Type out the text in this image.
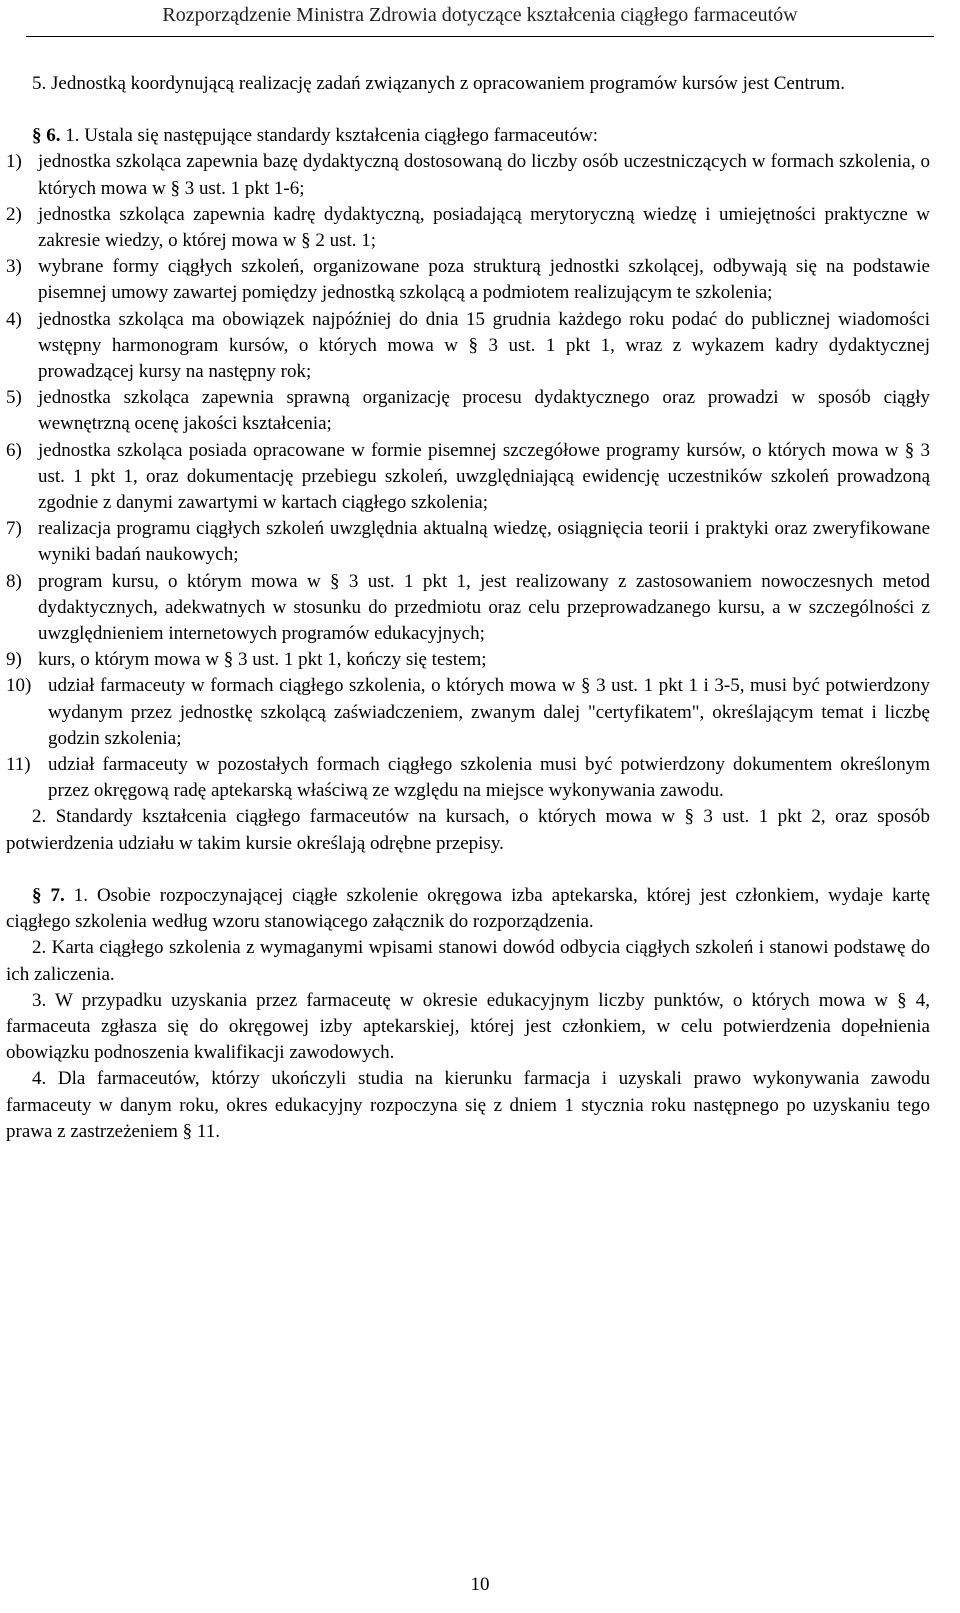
Rozporządzenie Ministra Zdrowia dotyczące kształcenia ciągłego farmaceutów

5. Jednostką koordynującą realizację zadań związanych z opracowaniem programów kursów jest Centrum.

§ 6. 1. Ustala się następujące standardy kształcenia ciągłego farmaceutów:

1) jednostka szkoląca zapewnia bazę dydaktyczną dostosowaną do liczby osób uczestniczących w formach szkolenia, o których mowa w § 3 ust. 1 pkt 1-6;
2) jednostka szkoląca zapewnia kadrę dydaktyczną, posiadającą merytoryczną wiedzę i umiejętności praktyczne w zakresie wiedzy, o której mowa w § 2 ust. 1;
3) wybrane formy ciągłych szkoleń, organizowane poza strukturą jednostki szkolącej, odbywają się na podstawie pisemnej umowy zawartej pomiędzy jednostką szkolącą a podmiotem realizującym te szkolenia;
4) jednostka szkoląca ma obowiązek najpóźniej do dnia 15 grudnia każdego roku podać do publicznej wiadomości wstępny harmonogram kursów, o których mowa w § 3 ust. 1 pkt 1, wraz z wykazem kadry dydaktycznej prowadzącej kursy na następny rok;
5) jednostka szkoląca zapewnia sprawną organizację procesu dydaktycznego oraz prowadzi w sposób ciągły wewnętrzną ocenę jakości kształcenia;
6) jednostka szkoląca posiada opracowane w formie pisemnej szczegółowe programy kursów, o których mowa w § 3 ust. 1 pkt 1, oraz dokumentację przebiegu szkoleń, uwzględniającą ewidencję uczestników szkoleń prowadzoną zgodnie z danymi zawartymi w kartach ciągłego szkolenia;
7) realizacja programu ciągłych szkoleń uwzględnia aktualną wiedzę, osiągnięcia teorii i praktyki oraz zweryfikowane wyniki badań naukowych;
8) program kursu, o którym mowa w § 3 ust. 1 pkt 1, jest realizowany z zastosowaniem nowoczesnych metod dydaktycznych, adekwatnych w stosunku do przedmiotu oraz celu przeprowadzanego kursu, a w szczególności z uwzględnieniem internetowych programów edukacyjnych;
9) kurs, o którym mowa w § 3 ust. 1 pkt 1, kończy się testem;
10) udział farmaceuty w formach ciągłego szkolenia, o których mowa w § 3 ust. 1 pkt 1 i 3-5, musi być potwierdzony wydanym przez jednostkę szkolącą zaświadczeniem, zwanym dalej "certyfikatem", określającym temat i liczbę godzin szkolenia;
11) udział farmaceuty w pozostałych formach ciągłego szkolenia musi być potwierdzony dokumentem określonym przez okręgową radę aptekarską właściwą ze względu na miejsce wykonywania zawodu.

2. Standardy kształcenia ciągłego farmaceutów na kursach, o których mowa w § 3 ust. 1 pkt 2, oraz sposób potwierdzenia udziału w takim kursie określają odrębne przepisy.

§ 7. 1. Osobie rozpoczynającej ciągłe szkolenie okręgowa izba aptekarska, której jest członkiem, wydaje kartę ciągłego szkolenia według wzoru stanowiącego załącznik do rozporządzenia.

2. Karta ciągłego szkolenia z wymaganymi wpisami stanowi dowód odbycia ciągłych szkoleń i stanowi podstawę do ich zaliczenia.

3. W przypadku uzyskania przez farmaceutę w okresie edukacyjnym liczby punktów, o których mowa w § 4, farmaceuta zgłasza się do okręgowej izby aptekarskiej, której jest członkiem, w celu potwierdzenia dopełnienia obowiązku podnoszenia kwalifikacji zawodowych.

4. Dla farmaceutów, którzy ukończyli studia na kierunku farmacja i uzyskali prawo wykonywania zawodu farmaceuty w danym roku, okres edukacyjny rozpoczyna się z dniem 1 stycznia roku następnego po uzyskaniu tego prawa z zastrzeżeniem § 11.

10
